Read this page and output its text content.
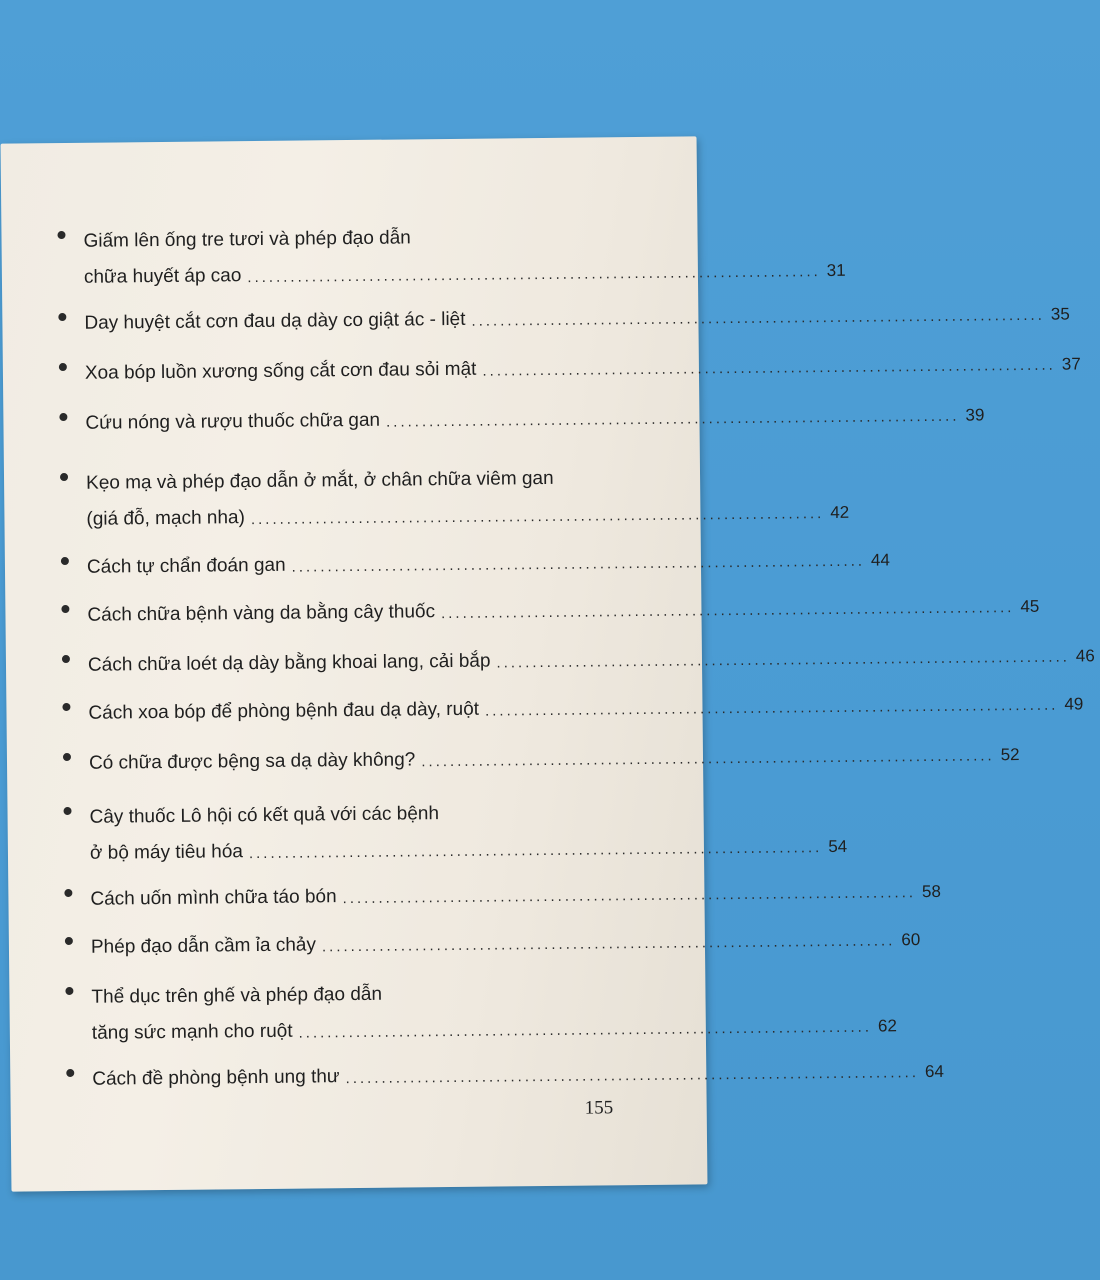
Giấm lên ống tre tươi và phép đạo dẫn
chữa huyết áp cao ................................................................................ 31
Day huyệt cắt cơn đau dạ dày co giật ác - liệt ................................................................................ 35
Xoa bóp luồn xương sống cắt cơn đau sỏi mật ................................................................................ 37
Cứu nóng và rượu thuốc chữa gan ................................................................................ 39
Kẹo mạ và phép đạo dẫn ở mắt, ở chân chữa viêm gan
(giá đỗ, mạch nha) ................................................................................ 42
Cách tự chẩn đoán gan ................................................................................ 44
Cách chữa bệnh vàng da bằng cây thuốc ................................................................................ 45
Cách chữa loét dạ dày bằng khoai lang, cải bắp ................................................................................ 46
Cách xoa bóp để phòng bệnh đau dạ dày, ruột ................................................................................ 49
Có chữa được bệng sa dạ dày không? ................................................................................ 52
Cây thuốc Lô hội có kết quả với các bệnh
ở bộ máy tiêu hóa ................................................................................ 54
Cách uốn mình chữa táo bón ................................................................................ 58
Phép đạo dẫn cầm ỉa chảy ................................................................................ 60
Thể dục trên ghế và phép đạo dẫn
tăng sức mạnh cho ruột ................................................................................ 62
Cách đề phòng bệnh ung thư ................................................................................ 64
155
